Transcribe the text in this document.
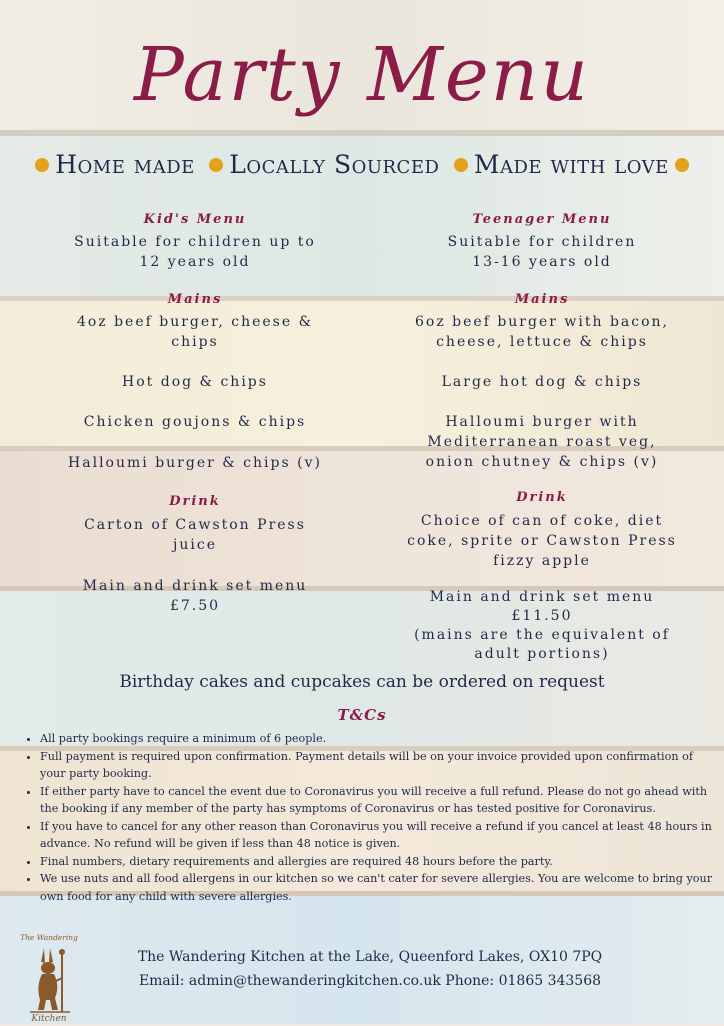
Party Menu
Home made Locally Sourced Made with love
Kid's Menu
Suitable for children up to
12 years old
Mains
4oz beef burger, cheese &
chips
Hot dog & chips
Chicken goujons & chips
Halloumi burger & chips (v)
Drink
Carton of Cawston Press
juice
Main and drink set menu
£7.50
Teenager Menu
Suitable for children
13-16 years old
Mains
6oz beef burger with bacon,
cheese, lettuce & chips
Large hot dog & chips
Halloumi burger with
Mediterranean roast veg,
onion chutney & chips (v)
Drink
Choice of can of coke, diet
coke, sprite or Cawston Press
fizzy apple
Main and drink set menu
£11.50
(mains are the equivalent of
adult portions)
Birthday cakes and cupcakes can be ordered on request
T&Cs
• All party bookings require a minimum of 6 people.
• Full payment is required upon confirmation. Payment details will be on your invoice provided upon confirmation of your party booking.
• If either party have to cancel the event due to Coronavirus you will receive a full refund. Please do not go ahead with the booking if any member of the party has symptoms of Coronavirus or has tested positive for Coronavirus.
• If you have to cancel for any other reason than Coronavirus you will receive a refund if you cancel at least 48 hours in advance. No refund will be given if less than 48 notice is given.
• Final numbers, dietary requirements and allergies are required 48 hours before the party.
• We use nuts and all food allergens in our kitchen so we can't cater for severe allergies. You are welcome to bring your own food for any child with severe allergies.
The Wandering
Kitchen
The Wandering Kitchen at the Lake, Queenford Lakes, OX10 7PQ
Email: admin@thewanderingkitchen.co.uk Phone: 01865 343568
